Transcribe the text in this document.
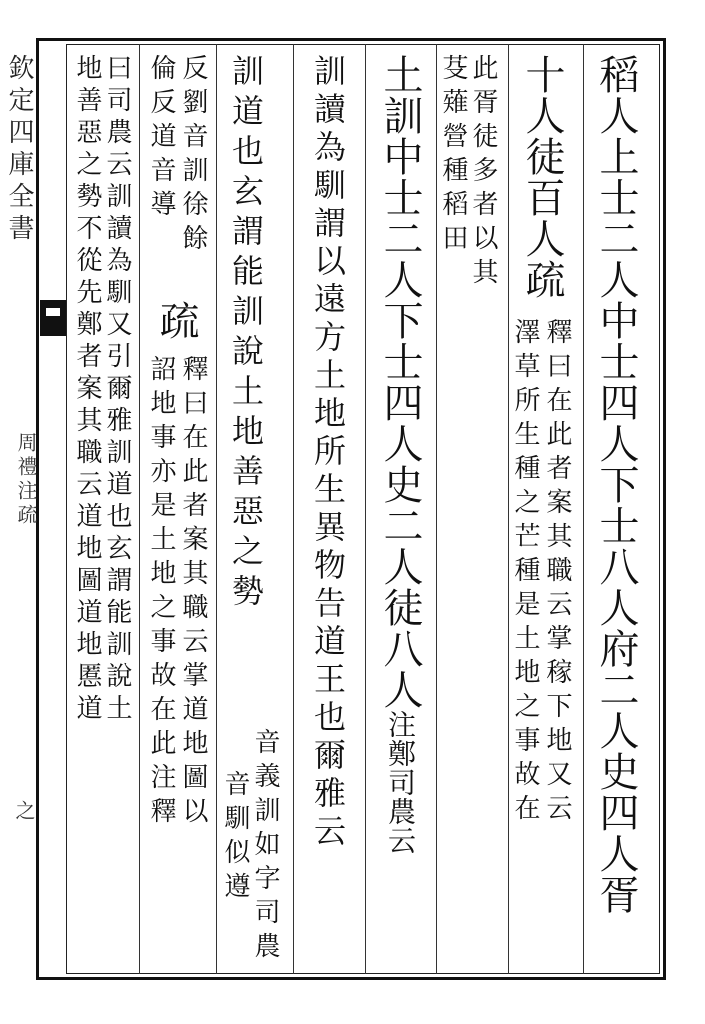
欽定四庫全書
周禮注疏
之	稻人上士二人中士四人下士八人府二人史四人胥
十人徒百人疏
釋曰在此者案其職云掌稼下地又云
澤草所生種之芒種是土地之事故在
此胥徒多者以其
芟薙營種稻田
土訓中士二人下士四人史二人徒八人注鄭司農云
訓讀為馴謂以遠方土地所生異物告道王也爾雅云
訓道也玄謂能訓說土地善惡之勢
音義訓如字司農
音馴似遵
反劉音訓徐餘
倫反道音導
疏
釋曰在此者案其職云掌道地圖以
詔地事亦是土地之事故在此注釋
曰司農云訓讀為馴又引爾雅訓道也玄謂能訓說土
地善惡之勢不從先鄭者案其職云道地圖道地慝道
